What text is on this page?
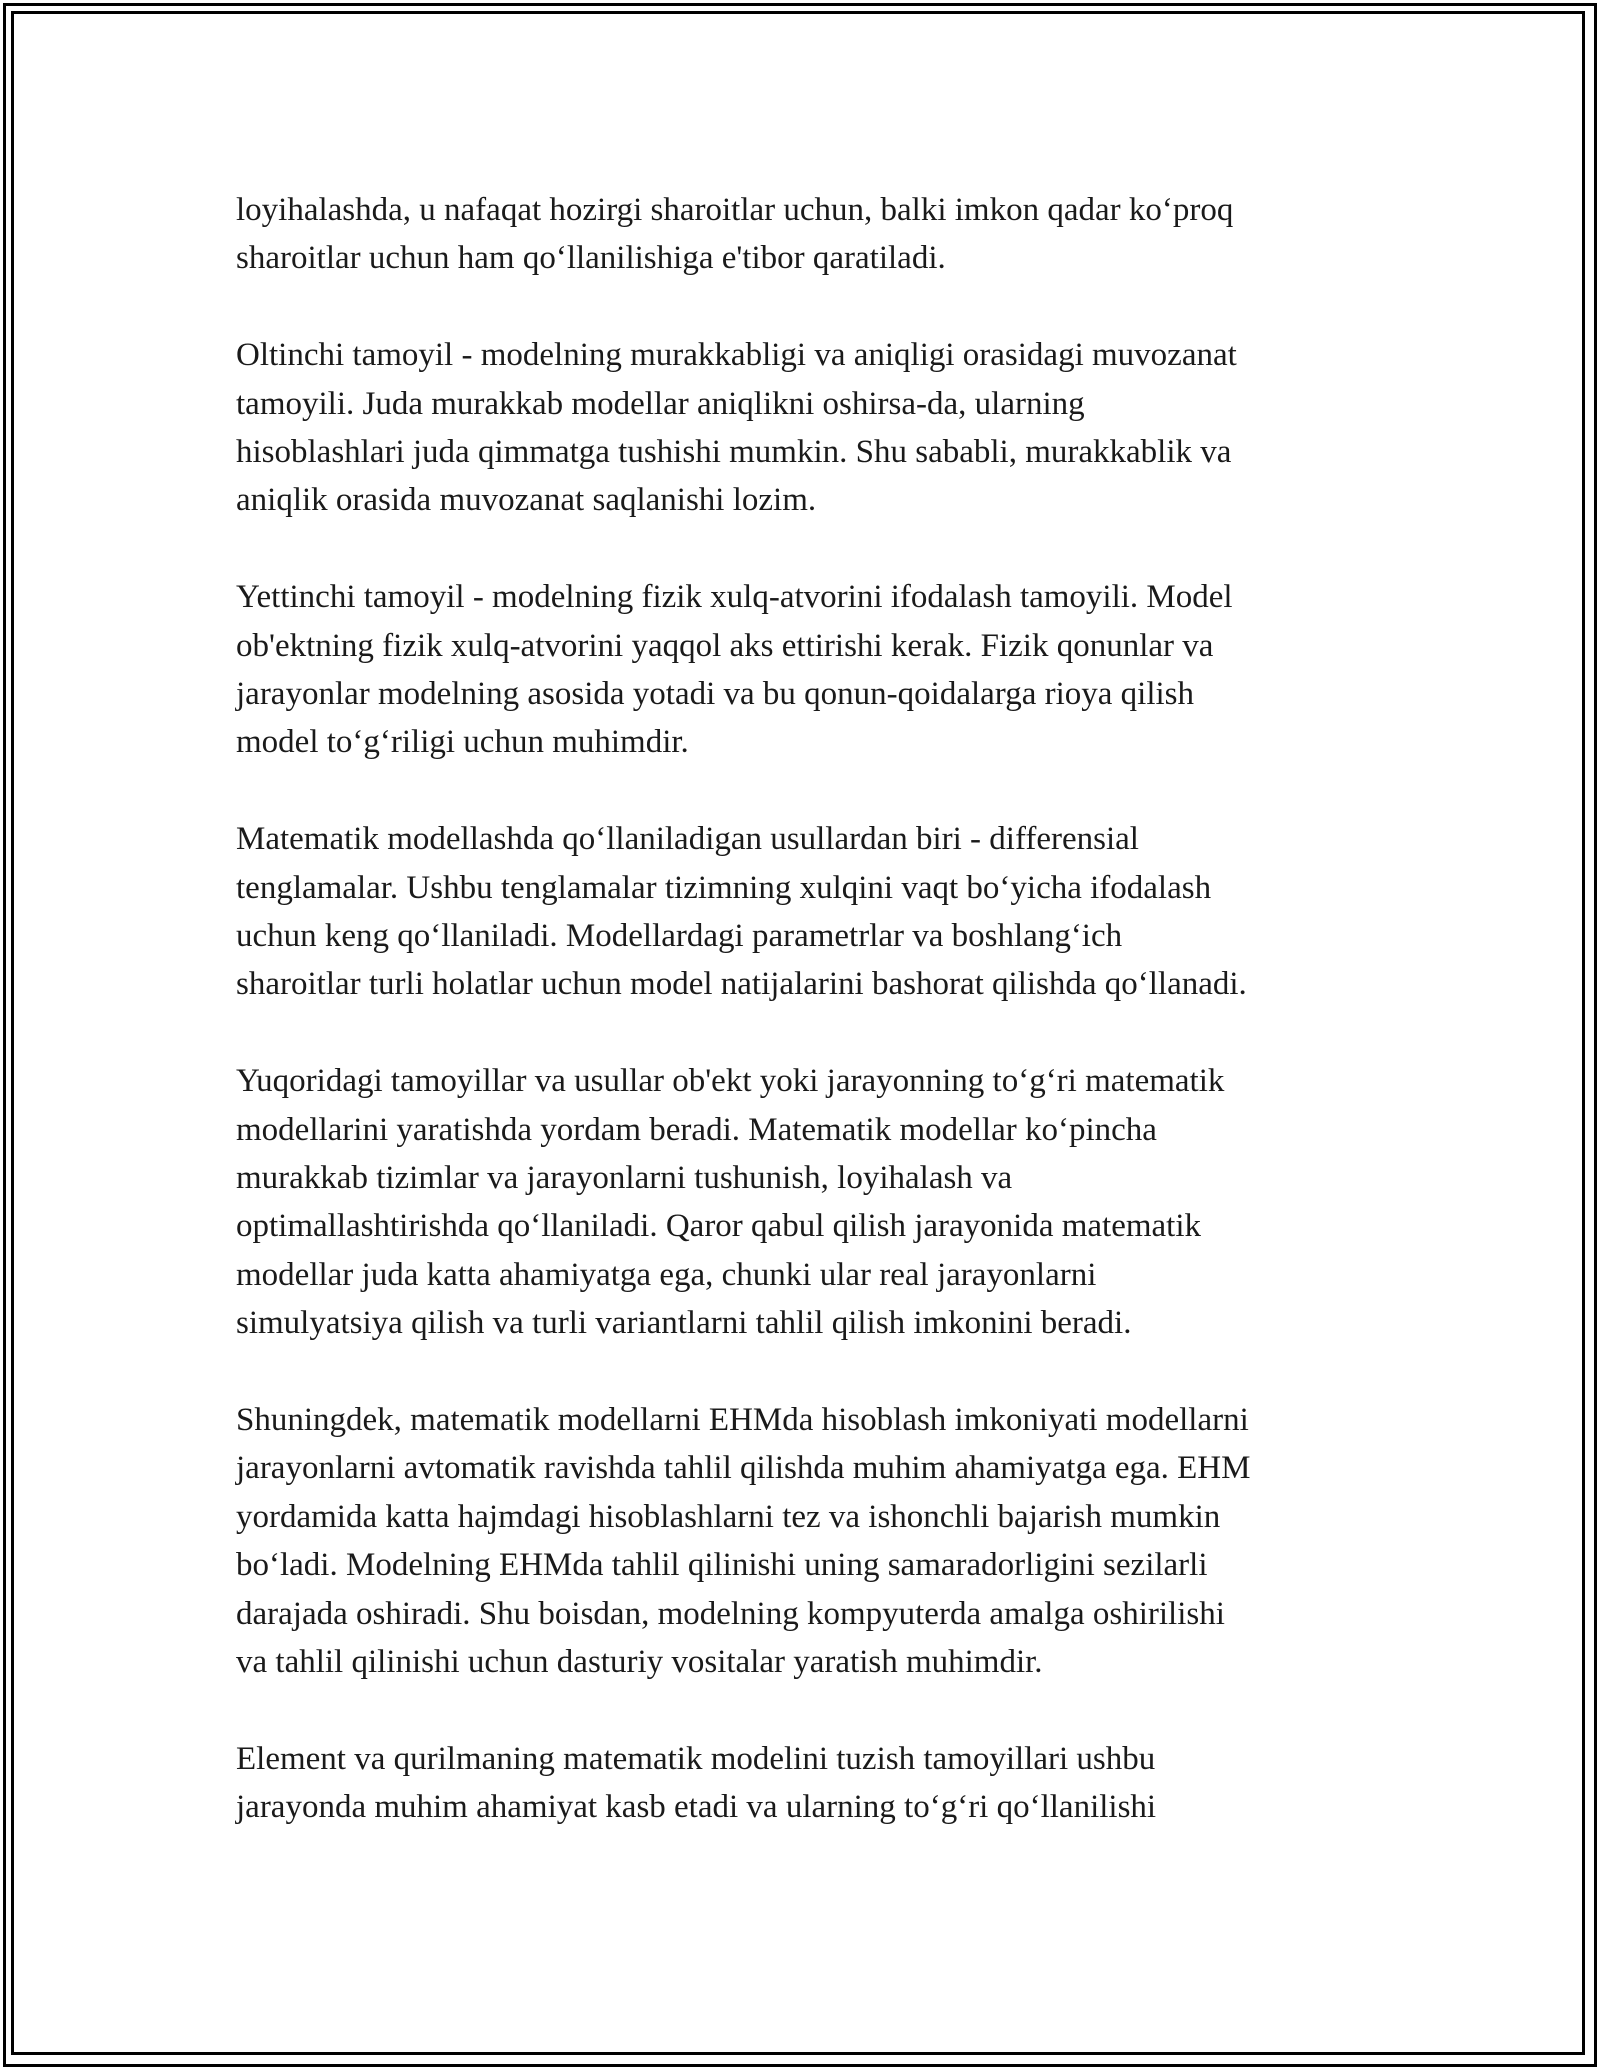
loyihalashda, u nafaqat hozirgi sharoitlar uchun, balki imkon qadar ko‘proq
sharoitlar uchun ham qo‘llanilishiga e'tibor qaratiladi.

Oltinchi tamoyil - modelning murakkabligi va aniqligi orasidagi muvozanat
tamoyili. Juda murakkab modellar aniqlikni oshirsa-da, ularning
hisoblashlari juda qimmatga tushishi mumkin. Shu sababli, murakkablik va
aniqlik orasida muvozanat saqlanishi lozim.

Yettinchi tamoyil - modelning fizik xulq-atvorini ifodalash tamoyili. Model
ob'ektning fizik xulq-atvorini yaqqol aks ettirishi kerak. Fizik qonunlar va
jarayonlar modelning asosida yotadi va bu qonun-qoidalarga rioya qilish
model to‘g‘riligi uchun muhimdir.

Matematik modellashda qo‘llaniladigan usullardan biri - differensial
tenglamalar. Ushbu tenglamalar tizimning xulqini vaqt bo‘yicha ifodalash
uchun keng qo‘llaniladi. Modellardagi parametrlar va boshlang‘ich
sharoitlar turli holatlar uchun model natijalarini bashorat qilishda qo‘llanadi.

Yuqoridagi tamoyillar va usullar ob'ekt yoki jarayonning to‘g‘ri matematik
modellarini yaratishda yordam beradi. Matematik modellar ko‘pincha
murakkab tizimlar va jarayonlarni tushunish, loyihalash va
optimallashtirishda qo‘llaniladi. Qaror qabul qilish jarayonida matematik
modellar juda katta ahamiyatga ega, chunki ular real jarayonlarni
simulyatsiya qilish va turli variantlarni tahlil qilish imkonini beradi.

Shuningdek, matematik modellarni EHMda hisoblash imkoniyati modellarni
jarayonlarni avtomatik ravishda tahlil qilishda muhim ahamiyatga ega. EHM
yordamida katta hajmdagi hisoblashlarni tez va ishonchli bajarish mumkin
bo‘ladi. Modelning EHMda tahlil qilinishi uning samaradorligini sezilarli
darajada oshiradi. Shu boisdan, modelning kompyuterda amalga oshirilishi
va tahlil qilinishi uchun dasturiy vositalar yaratish muhimdir.

Element va qurilmaning matematik modelini tuzish tamoyillari ushbu
jarayonda muhim ahamiyat kasb etadi va ularning to‘g‘ri qo‘llanilishi
